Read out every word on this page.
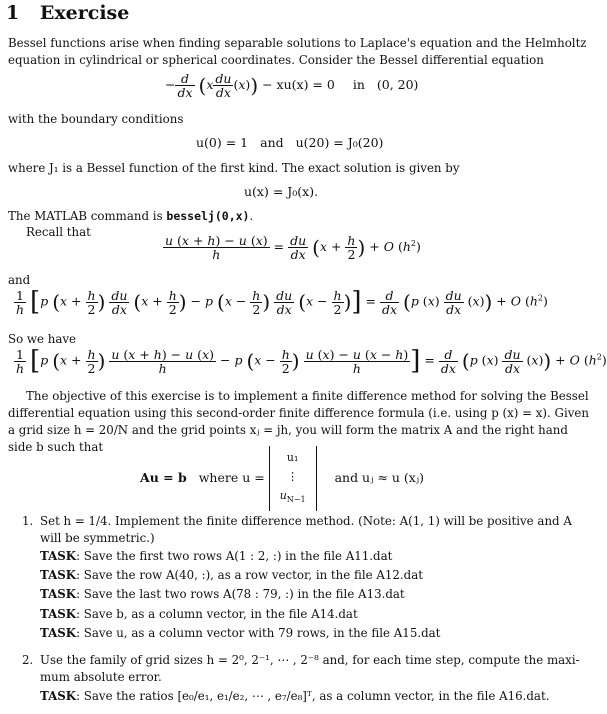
1 Exercise
Bessel functions arise when finding separable solutions to Laplace's equation and the Helmholtz
equation in cylindrical or spherical coordinates. Consider the Bessel differential equation
− $\frac{d}{dx} (x \frac{du}{dx} (x)) - xu(x) = 0$ in (0, 20)
with the boundary conditions
u(0) = 1 and u(20) = J₀(20)
where J₁ is a Bessel function of the first kind. The exact solution is given by
u(x) = J₀(x).
The MATLAB command is besselj(0,x).
Recall that
$\frac{u (x + h) - u (x)}{h} = \frac{du}{dx} (x + \frac{h}{2}$ ) + O $(h^2)$
and
$\frac{1}{h} [p$ ($x + \frac{h}{2}$ ) $\frac{du}{dx} (x + \frac{h}{2}$ ) − p ($x - \frac{h}{2}$ ) $\frac{du}{dx} (x - \frac{h}{2}$ )] = $\frac{d}{dx} (p$ $(x) \frac{du}{dx} (x)) + O$ $(h^2)$
So we have
$\frac{1}{h} [p$ ($x + \frac{h}{2}$ ) $\frac{u (x + h) - u (x)}{h} - p$ ($x - \frac{h}{2}$ ) $\frac{u (x) - u (x - h)}{h}$ ] = $\frac{d}{dx} (p$ $(x) \frac{du}{dx} (x)) + O$ $(h^2)$
The objective of this exercise is to implement a finite difference method for solving the Bessel
differential equation using this second-order finite difference formula (i.e. using p (x) = x). Given
a grid size h = 20/N and the grid points xⱼ = jh, you will form the matrix A and the right hand
side b such that
Au = b where u =
u₁
⋮
$u_{N-1}$
and uⱼ ≈ u (xⱼ)
1. Set h = 1/4. Implement the finite difference method. (Note: A(1, 1) will be positive and A
will be symmetric.)
TASK: Save the first two rows A(1 : 2, :) in the file A11.dat
TASK: Save the row A(40, :), as a row vector, in the file A12.dat
TASK: Save the last two rows A(78 : 79, :) in the file A13.dat
TASK: Save b, as a column vector, in the file A14.dat
TASK: Save u, as a column vector with 79 rows, in the file A15.dat
2. Use the family of grid sizes h = 2⁰, 2⁻¹, ⋯ , 2⁻⁸ and, for each time step, compute the maxi-
mum absolute error.
TASK: Save the ratios [e₀/e₁, e₁/e₂, ⋯ , e₇/e₈]ᵀ, as a column vector, in the file A16.dat.
